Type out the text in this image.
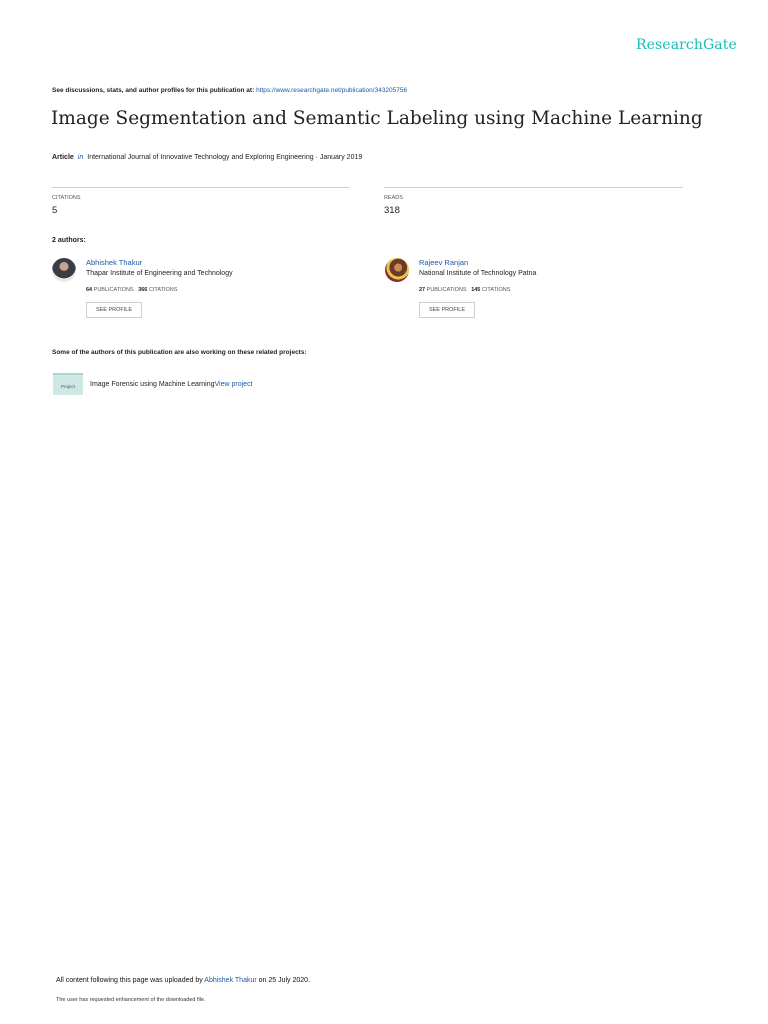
ResearchGate
See discussions, stats, and author profiles for this publication at: https://www.researchgate.net/publication/343205756
Image Segmentation and Semantic Labeling using Machine Learning
Article in International Journal of Innovative Technology and Exploring Engineering · January 2019
CITATIONS
5
READS
318
2 authors:
Abhishek Thakur
Thapar Institute of Engineering and Technology
64 PUBLICATIONS 366 CITATIONS
SEE PROFILE
Rajeev Ranjan
National Institute of Technology Patna
27 PUBLICATIONS 145 CITATIONS
SEE PROFILE
Some of the authors of this publication are also working on these related projects:
Project	Image Forensic using Machine LearningView project
All content following this page was uploaded by Abhishek Thakur on 25 July 2020.
The user has requested enhancement of the downloaded file.
